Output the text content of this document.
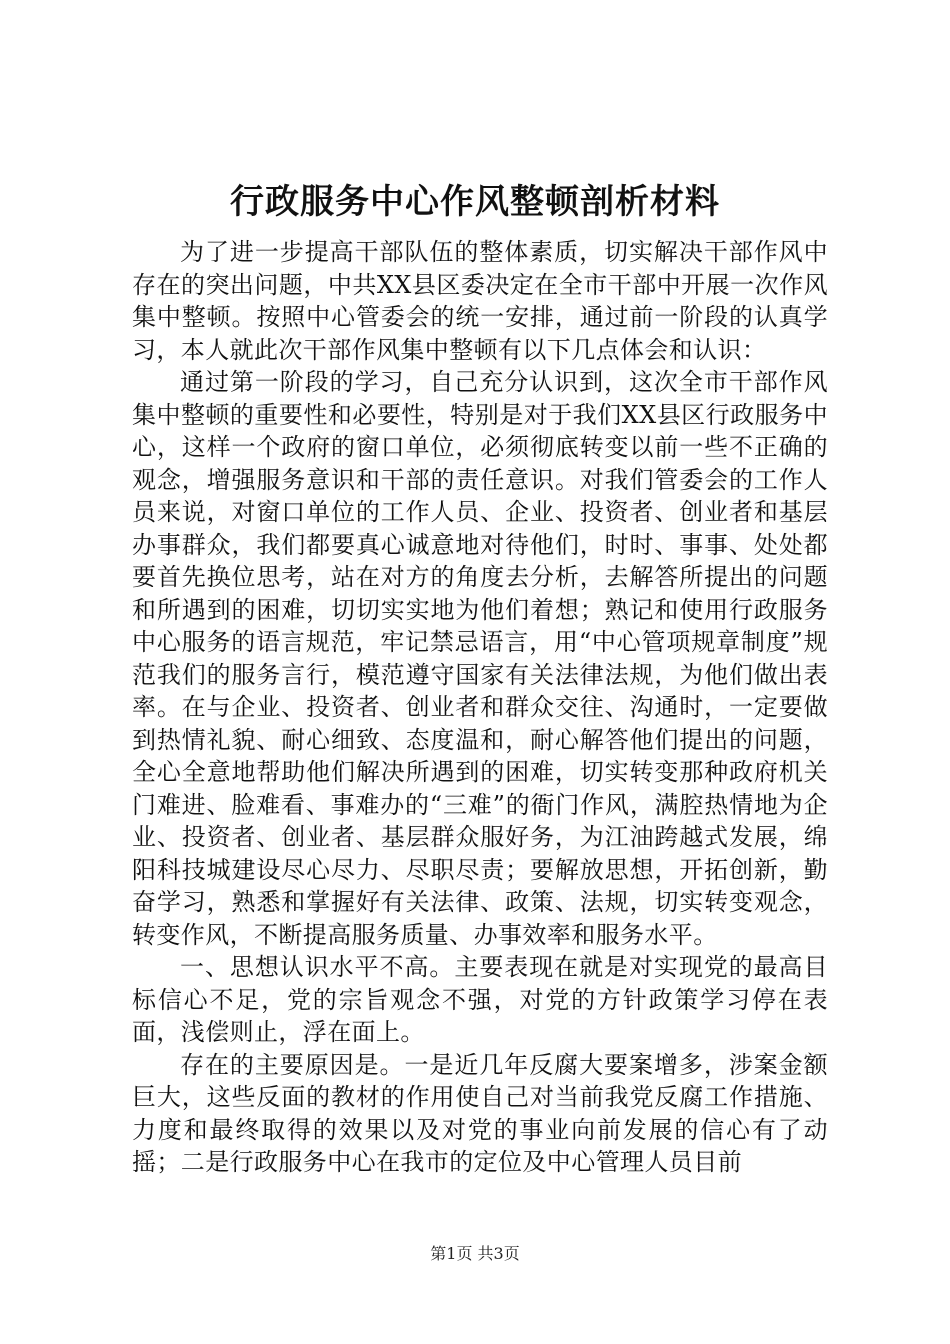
行政服务中心作风整顿剖析材料

为了进一步提高干部队伍的整体素质，切实解决干部作风中存在的突出问题，中共XX县区委决定在全市干部中开展一次作风集中整顿。按照中心管委会的统一安排，通过前一阶段的认真学习，本人就此次干部作风集中整顿有以下几点体会和认识：

通过第一阶段的学习，自己充分认识到，这次全市干部作风集中整顿的重要性和必要性，特别是对于我们XX县区行政服务中心，这样一个政府的窗口单位，必须彻底转变以前一些不正确的观念，增强服务意识和干部的责任意识。对我们管委会的工作人员来说，对窗口单位的工作人员、企业、投资者、创业者和基层办事群众，我们都要真心诚意地对待他们，时时、事事、处处都要首先换位思考，站在对方的角度去分析，去解答所提出的问题和所遇到的困难，切切实实地为他们着想；熟记和使用行政服务中心服务的语言规范，牢记禁忌语言，用“中心管项规章制度”规范我们的服务言行，模范遵守国家有关法律法规，为他们做出表率。在与企业、投资者、创业者和群众交往、沟通时，一定要做到热情礼貌、耐心细致、态度温和，耐心解答他们提出的问题，全心全意地帮助他们解决所遇到的困难，切实转变那种政府机关门难进、脸难看、事难办的“三难”的衙门作风，满腔热情地为企业、投资者、创业者、基层群众服好务，为江油跨越式发展，绵阳科技城建设尽心尽力、尽职尽责；要解放思想，开拓创新，勤奋学习，熟悉和掌握好有关法律、政策、法规，切实转变观念，转变作风，不断提高服务质量、办事效率和服务水平。

一、思想认识水平不高。主要表现在就是对实现党的最高目标信心不足，党的宗旨观念不强，对党的方针政策学习停在表面，浅偿则止，浮在面上。

存在的主要原因是。一是近几年反腐大要案增多，涉案金额巨大，这些反面的教材的作用使自己对当前我党反腐工作措施、力度和最终取得的效果以及对党的事业向前发展的信心有了动摇；二是行政服务中心在我市的定位及中心管理人员目前

第1页 共3页
